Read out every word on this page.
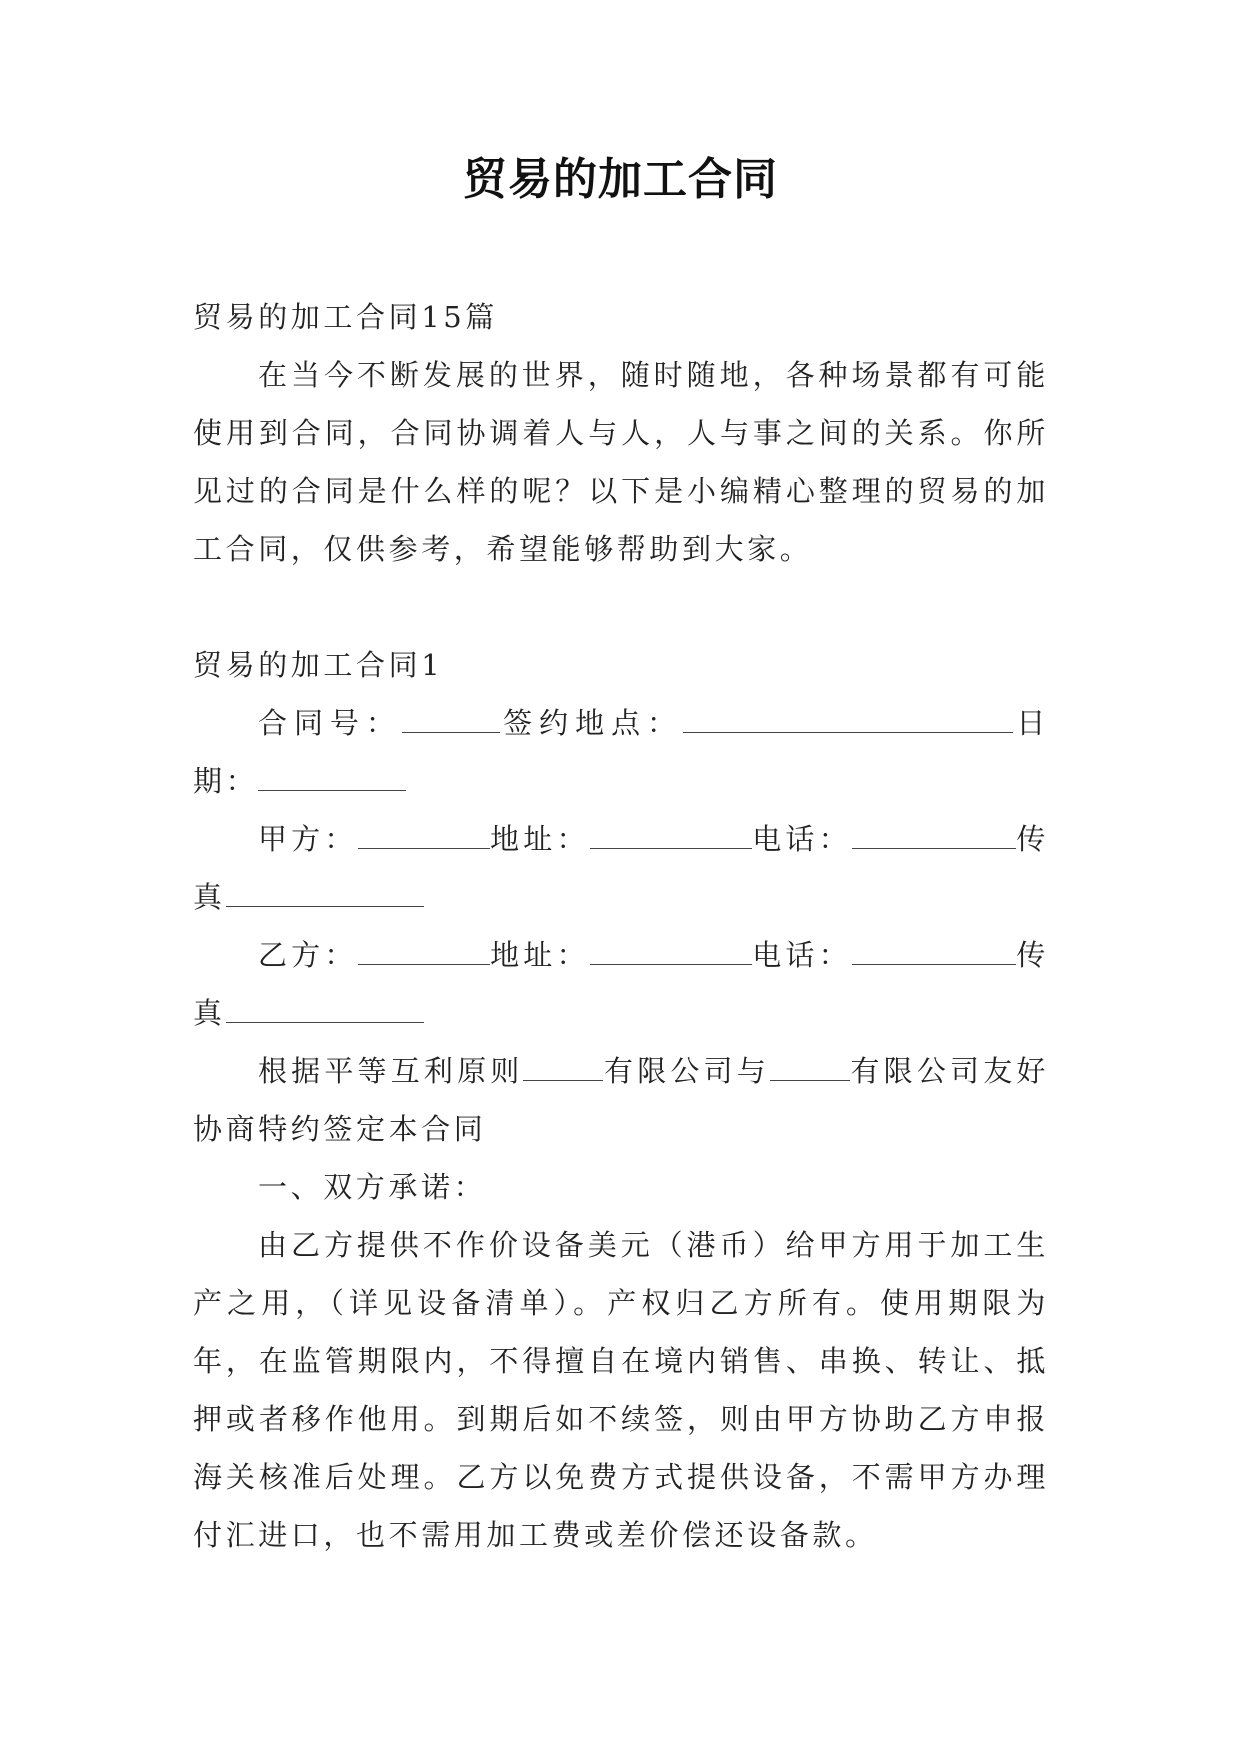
贸易的加工合同

贸易的加工合同15篇

在当今不断发展的世界，随时随地，各种场景都有可能使用到合同，合同协调着人与人，人与事之间的关系。你所见过的合同是什么样的呢？以下是小编精心整理的贸易的加工合同，仅供参考，希望能够帮助到大家。

贸易的加工合同1

合同号：	签约地点：	日期：

甲方：	地址：	电话：	传真

乙方：	地址：	电话：	传真

根据平等互利原则	有限公司与	有限公司友好协商特约签定本合同

一、双方承诺：

由乙方提供不作价设备美元（港币）给甲方用于加工生产之用，（详见设备清单）。产权归乙方所有。使用期限为年，在监管期限内，不得擅自在境内销售、串换、转让、抵押或者移作他用。到期后如不续签，则由甲方协助乙方申报海关核准后处理。乙方以免费方式提供设备，不需甲方办理付汇进口，也不需用加工费或差价偿还设备款。
